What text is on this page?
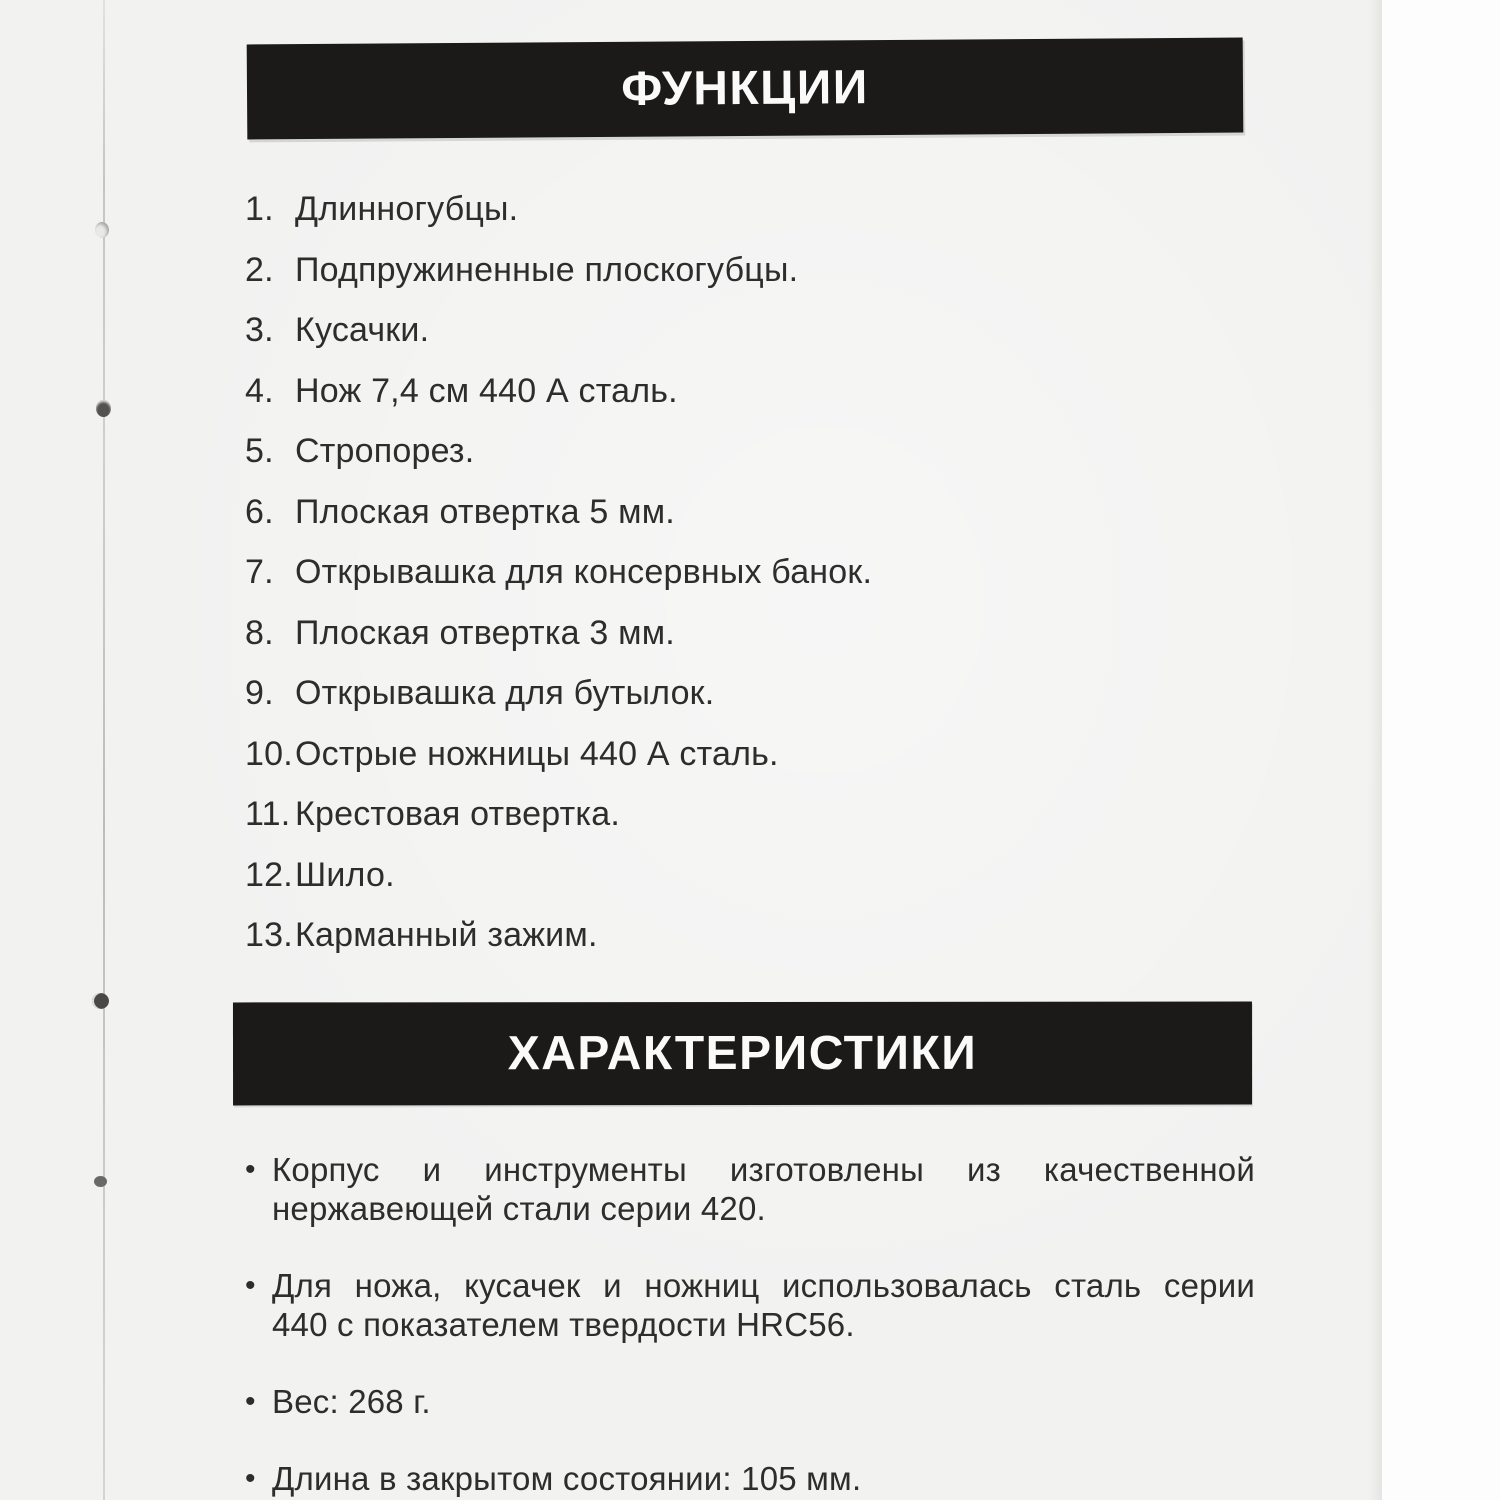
ФУНКЦИИ
1. Длинногубцы.
2. Подпружиненные плоскогубцы.
3. Кусачки.
4. Нож 7,4 см 440 А сталь.
5. Стропорез.
6. Плоская отвертка 5 мм.
7. Открывашка для консервных банок.
8. Плоская отвертка 3 мм.
9. Открывашка для бутылок.
10. Острые ножницы 440 А сталь.
11. Крестовая отвертка.
12. Шило.
13. Карманный зажим.
ХАРАКТЕРИСТИКИ
• Корпус и инструменты изготовлены из качественной
нержавеющей стали серии 420.
• Для ножа, кусачек и ножниц использовалась сталь серии
440 с показателем твердости HRC56.
• Вес: 268 г.
• Длина в закрытом состоянии: 105 мм.
